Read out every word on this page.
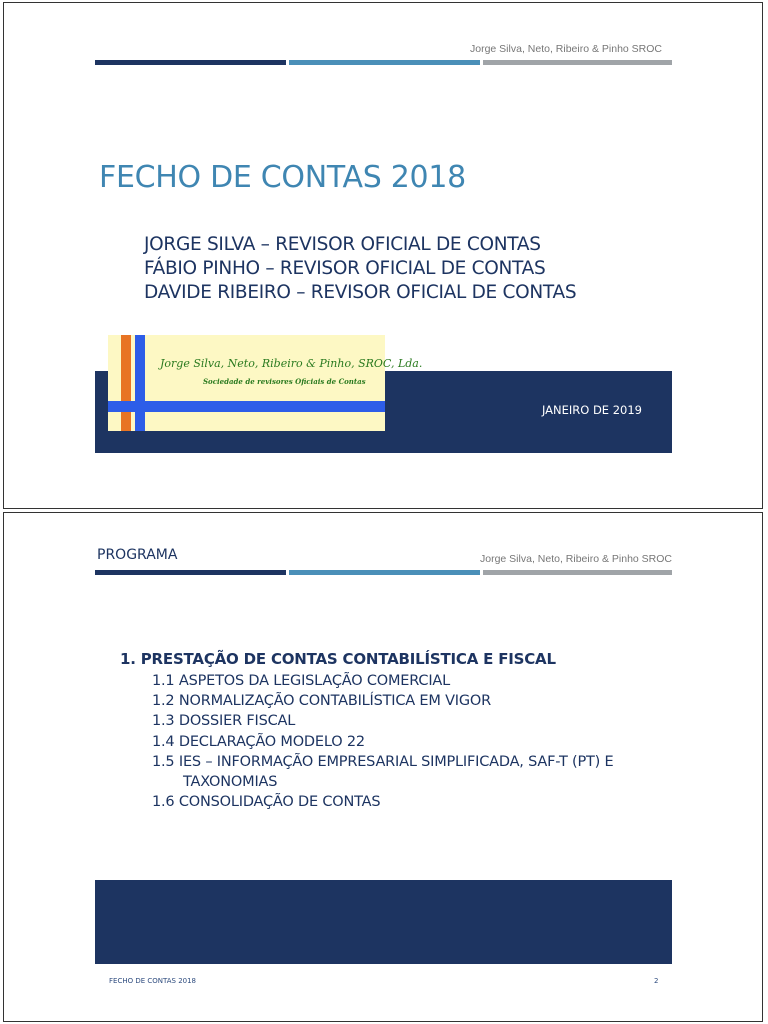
Jorge Silva, Neto, Ribeiro & Pinho SROC
FECHO DE CONTAS 2018
JORGE SILVA – REVISOR OFICIAL DE CONTAS
FÁBIO PINHO – REVISOR OFICIAL DE CONTAS
DAVIDE RIBEIRO – REVISOR OFICIAL DE CONTAS
JANEIRO DE 2019
Jorge Silva, Neto, Ribeiro & Pinho, SROC, Lda.
Sociedade de revisores Oficiais de Contas
PROGRAMA	Jorge Silva, Neto, Ribeiro & Pinho SROC
1. PRESTAÇÃO DE CONTAS CONTABILÍSTICA E FISCAL
1.1 ASPETOS DA LEGISLAÇÃO COMERCIAL
1.2 NORMALIZAÇÃO CONTABILÍSTICA EM VIGOR
1.3 DOSSIER FISCAL
1.4 DECLARAÇÃO MODELO 22
1.5 IES – INFORMAÇÃO EMPRESARIAL SIMPLIFICADA, SAF-T (PT) E
TAXONOMIAS
1.6 CONSOLIDAÇÃO DE CONTAS
FECHO DE CONTAS 2018	2
